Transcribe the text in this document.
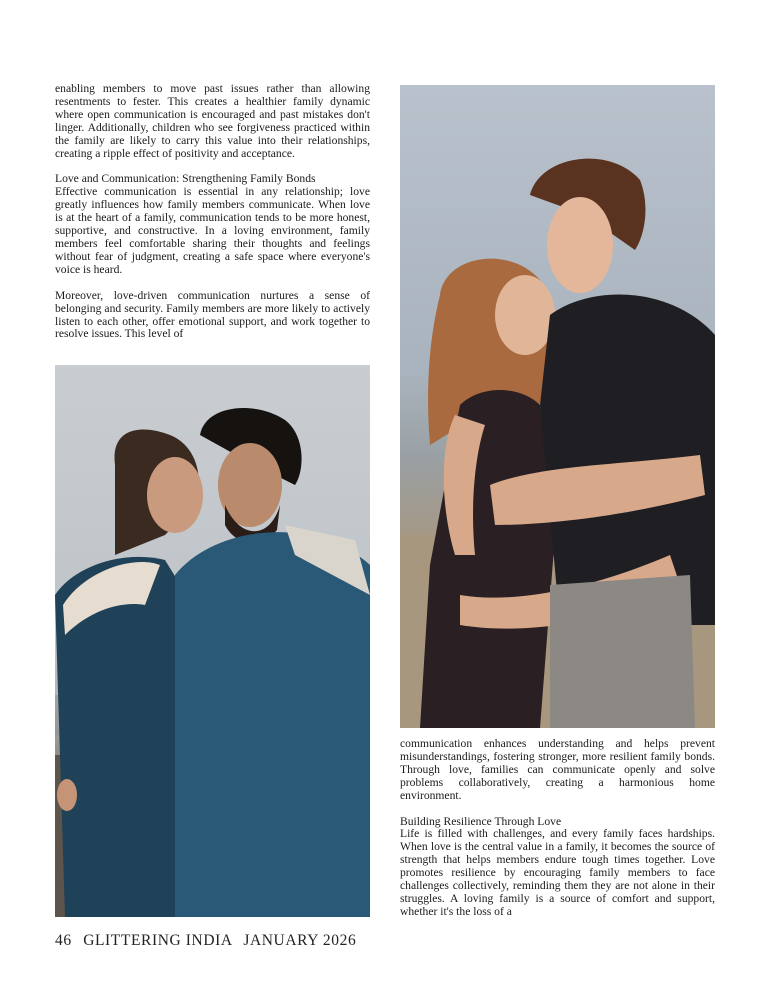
enabling members to move past issues rather than allowing resentments to fester. This creates a healthier family dynamic where open communication is encouraged and past mistakes don't linger. Additionally, children who see forgiveness practiced within the family are likely to carry this value into their relationships, creating a ripple effect of positivity and acceptance.

Love and Communication: Strengthening Family Bonds

Effective communication is essential in any relationship; love greatly influences how family members communicate. When love is at the heart of a family, communication tends to be more honest, supportive, and constructive. In a loving environment, family members feel comfortable sharing their thoughts and feelings without fear of judgment, creating a safe space where everyone's voice is heard.

Moreover, love-driven communication nurtures a sense of belonging and security. Family members are more likely to actively listen to each other, offer emotional support, and work together to resolve issues. This level of

communication enhances understanding and helps prevent misunderstandings, fostering stronger, more resilient family bonds. Through love, families can communicate openly and solve problems collaboratively, creating a harmonious home environment.

Building Resilience Through Love

Life is filled with challenges, and every family faces hardships. When love is the central value in a family, it becomes the source of strength that helps members endure tough times together. Love promotes resilience by encouraging family members to face challenges collectively, reminding them they are not alone in their struggles. A loving family is a source of comfort and support, whether it's the loss of a

46 GLITTERING INDIA JANUARY 2026
